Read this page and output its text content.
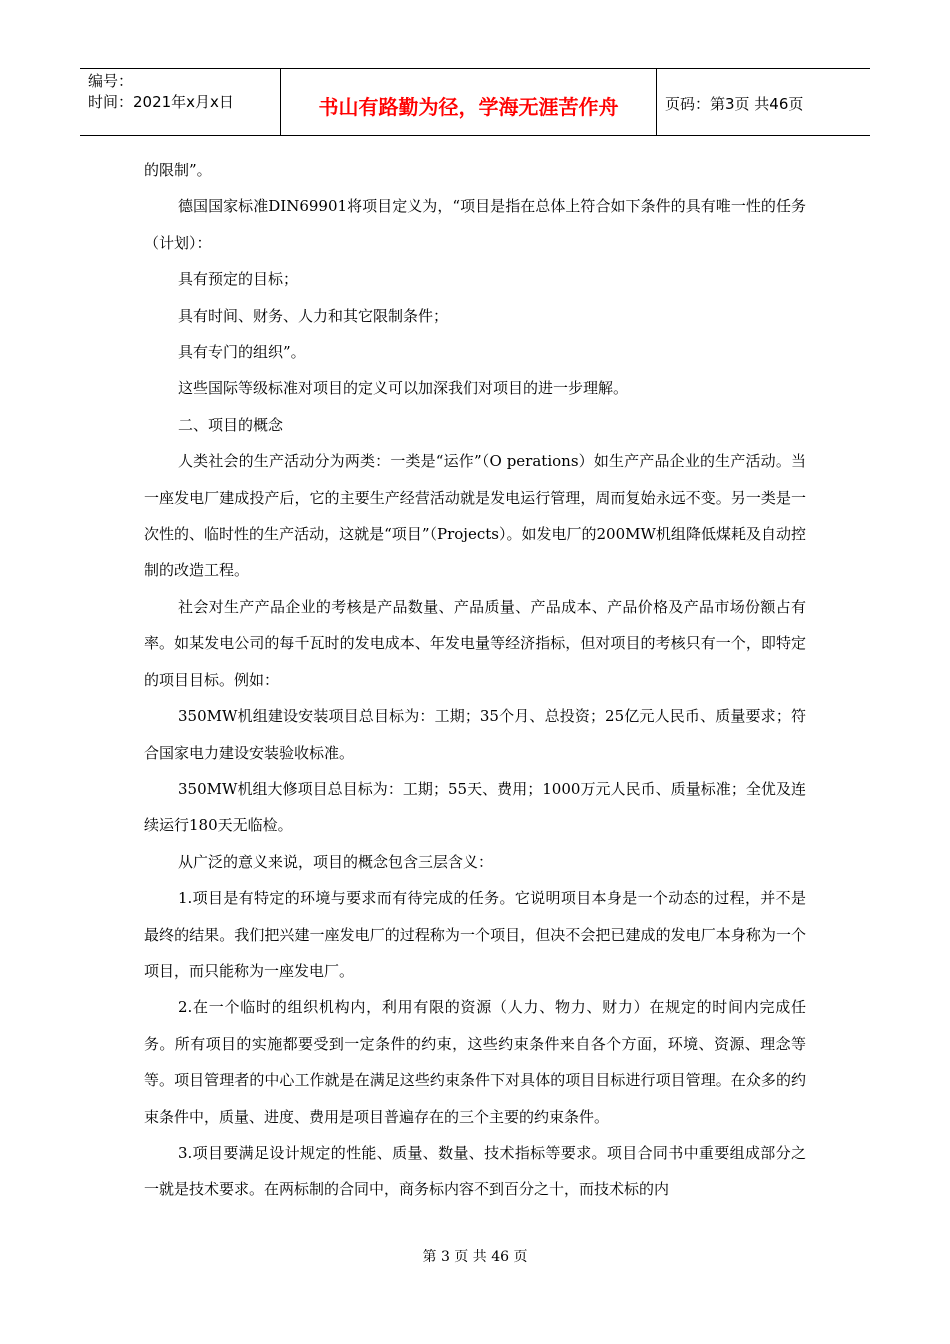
编号：
时间：2021年x月x日	书山有路勤为径，学海无涯苦作舟	页码：第3页 共46页

的限制”。

德国国家标准DIN69901将项目定义为，“项目是指在总体上符合如下条件的具有唯一性的任务（计划）：

具有预定的目标；

具有时间、财务、人力和其它限制条件；

具有专门的组织”。

这些国际等级标准对项目的定义可以加深我们对项目的进一步理解。

二、项目的概念

人类社会的生产活动分为两类：一类是“运作”（O perations）如生产产品企业的生产活动。当一座发电厂建成投产后，它的主要生产经营活动就是发电运行管理，周而复始永远不变。另一类是一次性的、临时性的生产活动，这就是“项目”（Projects）。如发电厂的200MW机组降低煤耗及自动控制的改造工程。

社会对生产产品企业的考核是产品数量、产品质量、产品成本、产品价格及产品市场份额占有率。如某发电公司的每千瓦时的发电成本、年发电量等经济指标，但对项目的考核只有一个，即特定的项目目标。例如：

350MW机组建设安装项目总目标为：工期；35个月、总投资；25亿元人民币、质量要求；符合国家电力建设安装验收标准。

350MW机组大修项目总目标为：工期；55天、费用；1000万元人民币、质量标准；全优及连续运行180天无临检。

从广泛的意义来说，项目的概念包含三层含义：

1.项目是有特定的环境与要求而有待完成的任务。它说明项目本身是一个动态的过程，并不是最终的结果。我们把兴建一座发电厂的过程称为一个项目，但决不会把已建成的发电厂本身称为一个项目，而只能称为一座发电厂。

2.在一个临时的组织机构内，利用有限的资源（人力、物力、财力）在规定的时间内完成任务。所有项目的实施都要受到一定条件的约束，这些约束条件来自各个方面，环境、资源、理念等等。项目管理者的中心工作就是在满足这些约束条件下对具体的项目目标进行项目管理。在众多的约束条件中，质量、进度、费用是项目普遍存在的三个主要的约束条件。

3.项目要满足设计规定的性能、质量、数量、技术指标等要求。项目合同书中重要组成部分之一就是技术要求。在两标制的合同中，商务标内容不到百分之十，而技术标的内

第 3 页 共 46 页
